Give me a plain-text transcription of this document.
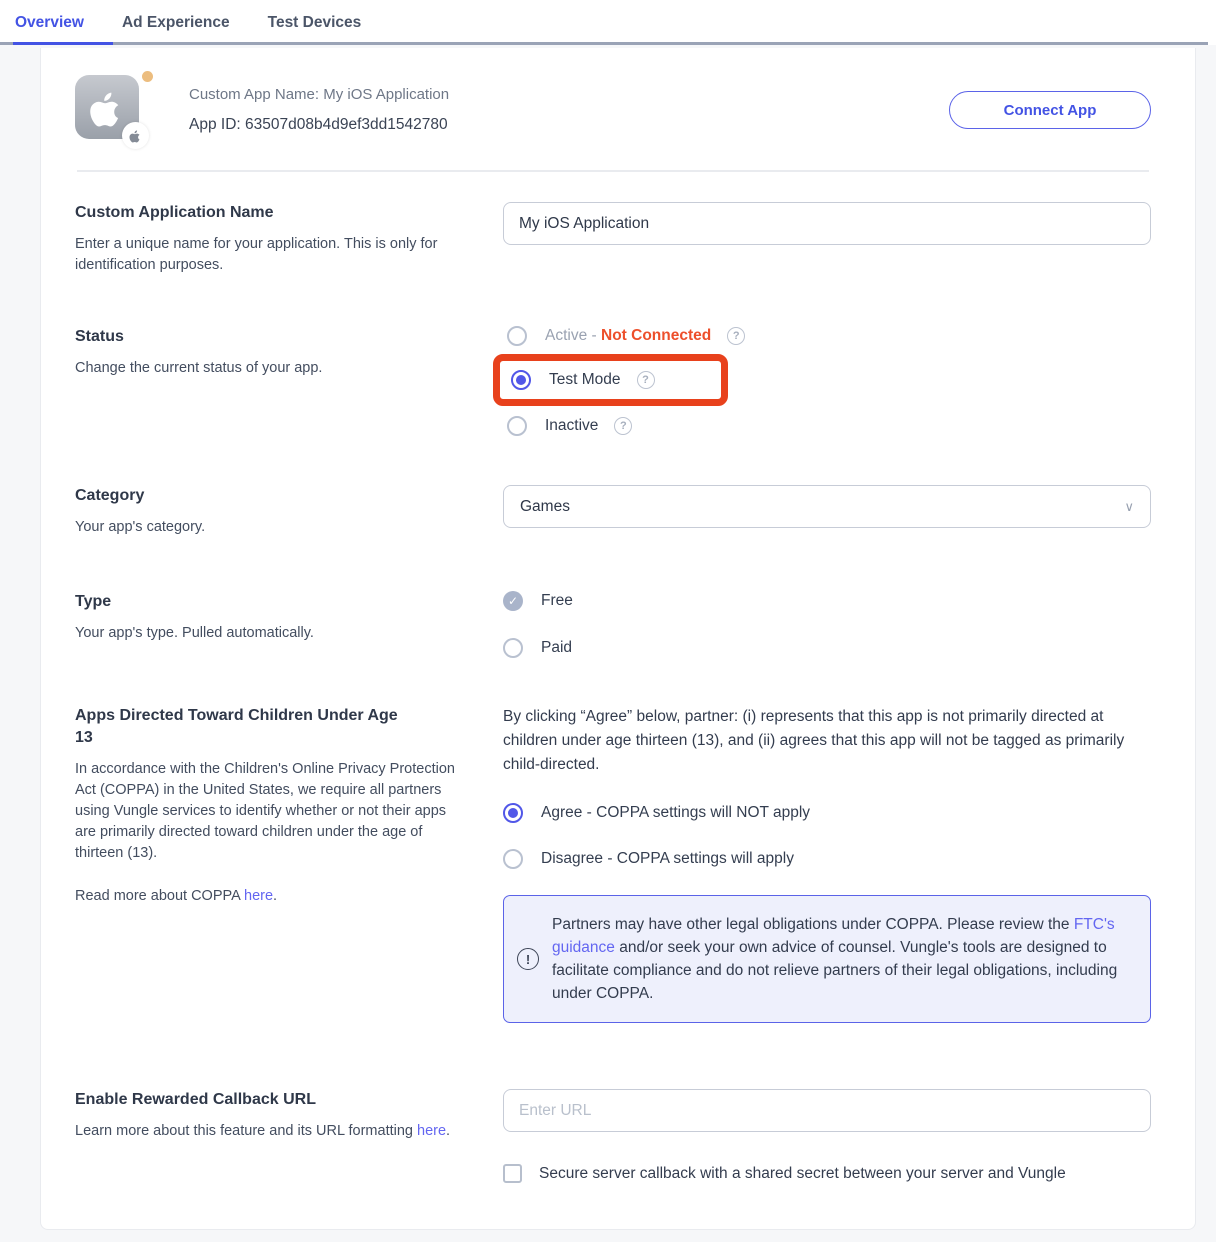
Overview Ad Experience Test Devices
Custom App Name: My iOS Application
App ID: 63507d08b4d9ef3dd1542780
Connect App
Custom Application Name
Enter a unique name for your application. This is only for identification purposes.
My iOS Application
Status
Change the current status of your app.
Active - Not Connected	?
Test Mode	?
Inactive	?
Category
Your app's category.
Games	∨
Type
Your app's type. Pulled automatically.
✓	Free
Paid
Apps Directed Toward Children Under Age 13
In accordance with the Children's Online Privacy Protection Act (COPPA) in the United States, we require all partners using Vungle services to identify whether or not their apps are primarily directed toward children under the age of thirteen (13).
Read more about COPPA here.
By clicking “Agree” below, partner: (i) represents that this app is not primarily directed at children under age thirteen (13), and (ii) agrees that this app will not be tagged as primarily child-directed.
Agree - COPPA settings will NOT apply
Disagree - COPPA settings will apply
!
Partners may have other legal obligations under COPPA. Please review the FTC's guidance and/or seek your own advice of counsel. Vungle's tools are designed to facilitate compliance and do not relieve partners of their legal obligations, including under COPPA.
Enable Rewarded Callback URL
Learn more about this feature and its URL formatting here.
Enter URL
Secure server callback with a shared secret between your server and Vungle
